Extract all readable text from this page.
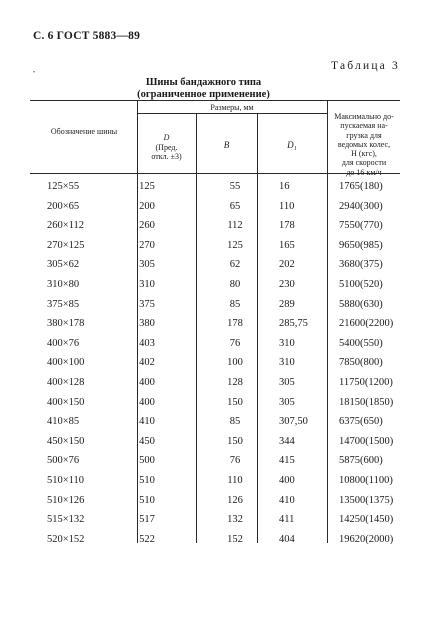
С. 6 ГОСТ 5883—89
•
Таблица 3
Шины бандажного типа
(ограниченное применение)
Обозначение шины
Размеры, мм
D
(Пред.
откл. ±3)
B	D₁
Максимально до-
пускаемая на-
грузка для
ведомых колес,
Н (кгс),
для скорости
до 16 км/ч
125×55	125	55	16	1765(180)
200×65	200	65	110	2940(300)
260×112	260	112	178	7550(770)
270×125	270	125	165	9650(985)
305×62	305	62	202	3680(375)
310×80	310	80	230	5100(520)
375×85	375	85	289	5880(630)
380×178	380	178	285,75	21600(2200)
400×76	403	76	310	5400(550)
400×100	402	100	310	7850(800)
400×128	400	128	305	11750(1200)
400×150	400	150	305	18150(1850)
410×85	410	85	307,50	6375(650)
450×150	450	150	344	14700(1500)
500×76	500	76	415	5875(600)
510×110	510	110	400	10800(1100)
510×126	510	126	410	13500(1375)
515×132	517	132	411	14250(1450)
520×152	522	152	404	19620(2000)
